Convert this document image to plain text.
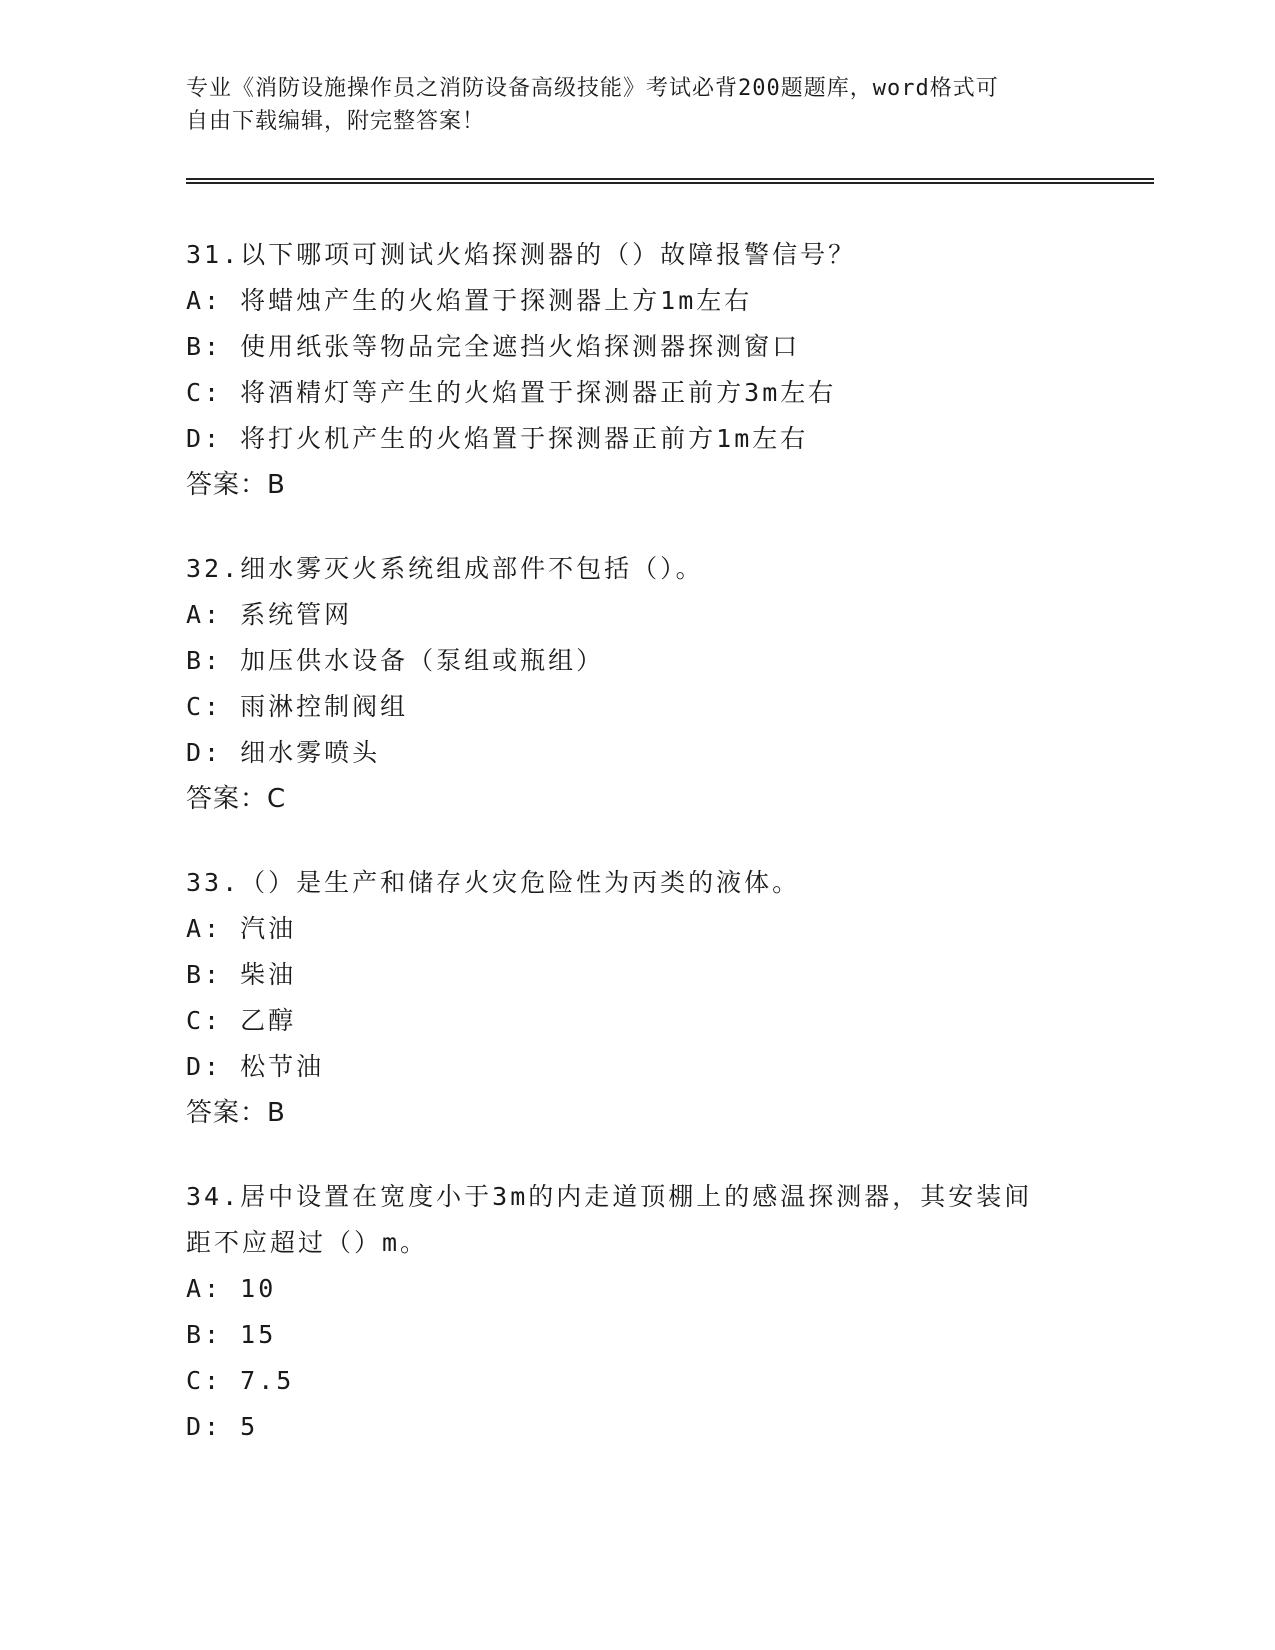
专业《消防设施操作员之消防设备高级技能》考试必背200题题库，word格式可
自由下载编辑，附完整答案！

31.以下哪项可测试火焰探测器的（）故障报警信号？

A: 将蜡烛产生的火焰置于探测器上方1m左右

B: 使用纸张等物品完全遮挡火焰探测器探测窗口

C: 将酒精灯等产生的火焰置于探测器正前方3m左右

D: 将打火机产生的火焰置于探测器正前方1m左右

答案：B

32.细水雾灭火系统组成部件不包括（）。

A: 系统管网

B: 加压供水设备（泵组或瓶组）

C: 雨淋控制阀组

D: 细水雾喷头

答案：C

33.（）是生产和储存火灾危险性为丙类的液体。

A: 汽油

B: 柴油

C: 乙醇

D: 松节油

答案：B

34.居中设置在宽度小于3m的内走道顶棚上的感温探测器，其安装间

距不应超过（）m。

A: 10

B: 15

C: 7.5

D: 5
